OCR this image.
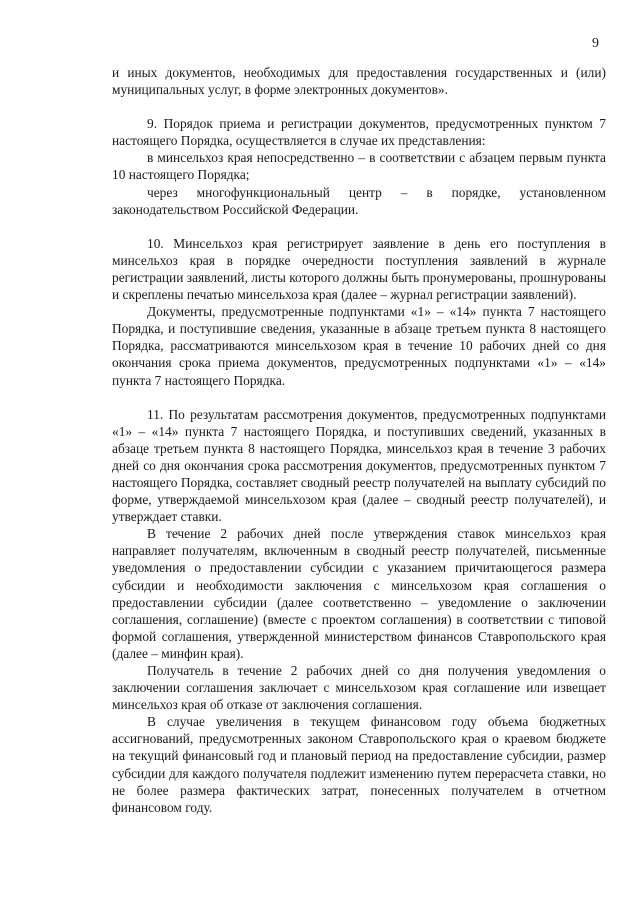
9

и иных документов, необходимых для предоставления государственных и (или) муниципальных услуг, в форме электронных документов».

9. Порядок приема и регистрации документов, предусмотренных пунктом 7 настоящего Порядка, осуществляется в случае их представления:

в минсельхоз края непосредственно – в соответствии с абзацем первым пункта 10 настоящего Порядка;

через многофункциональный центр – в порядке, установленном законодательством Российской Федерации.

10. Минсельхоз края регистрирует заявление в день его поступления в минсельхоз края в порядке очередности поступления заявлений в журнале регистрации заявлений, листы которого должны быть пронумерованы, прошнурованы и скреплены печатью минсельхоза края (далее – журнал регистрации заявлений).

Документы, предусмотренные подпунктами «1» – «14» пункта 7 настоящего Порядка, и поступившие сведения, указанные в абзаце третьем пункта 8 настоящего Порядка, рассматриваются минсельхозом края в течение 10 рабочих дней со дня окончания срока приема документов, предусмотренных подпунктами «1» – «14» пункта 7 настоящего Порядка.

11. По результатам рассмотрения документов, предусмотренных подпунктами «1» – «14» пункта 7 настоящего Порядка, и поступивших сведений, указанных в абзаце третьем пункта 8 настоящего Порядка, минсельхоз края в течение 3 рабочих дней со дня окончания срока рассмотрения документов, предусмотренных пунктом 7 настоящего Порядка, составляет сводный реестр получателей на выплату субсидий по форме, утверждаемой минсельхозом края (далее – сводный реестр получателей), и утверждает ставки.

В течение 2 рабочих дней после утверждения ставок минсельхоз края направляет получателям, включенным в сводный реестр получателей, письменные уведомления о предоставлении субсидии с указанием причитающегося размера субсидии и необходимости заключения с минсельхозом края соглашения о предоставлении субсидии (далее соответственно – уведомление о заключении соглашения, соглашение) (вместе с проектом соглашения) в соответствии с типовой формой соглашения, утвержденной министерством финансов Ставропольского края (далее – минфин края).

Получатель в течение 2 рабочих дней со дня получения уведомления о заключении соглашения заключает с минсельхозом края соглашение или извещает минсельхоз края об отказе от заключения соглашения.

В случае увеличения в текущем финансовом году объема бюджетных ассигнований, предусмотренных законом Ставропольского края о краевом бюджете на текущий финансовый год и плановый период на предоставление субсидии, размер субсидии для каждого получателя подлежит изменению путем перерасчета ставки, но не более размера фактических затрат, понесенных получателем в отчетном финансовом году.
